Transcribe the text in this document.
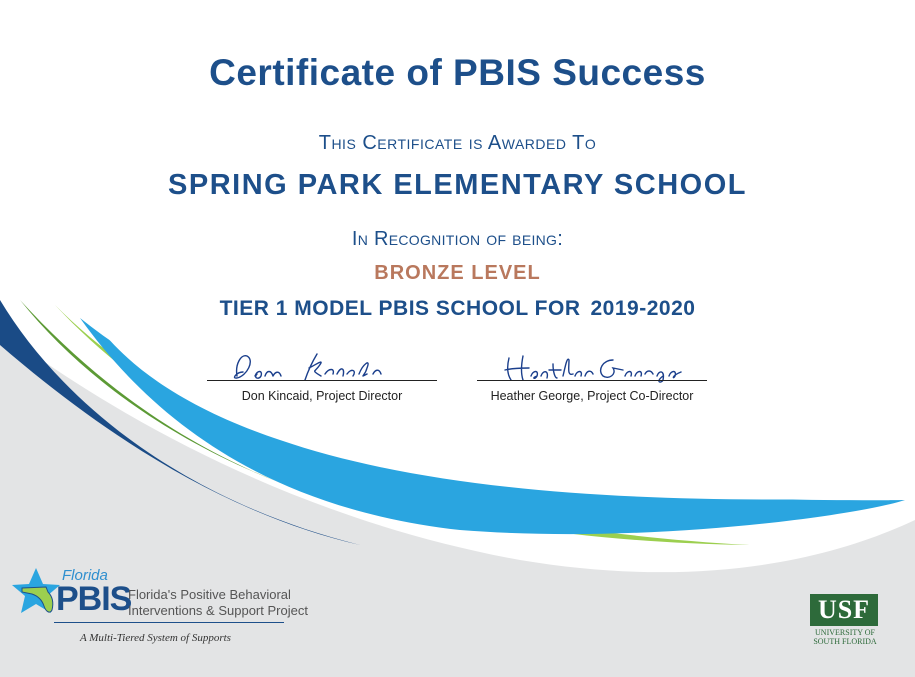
Certificate of PBIS Success
This Certificate is Awarded To
SPRING PARK ELEMENTARY SCHOOL
In Recognition of being:
BRONZE LEVEL
TIER 1 MODEL PBIS SCHOOL FOR 2019-2020
Don Kincaid, Project Director	Heather George, Project Co-Director
Florida
PBIS
Florida's Positive Behavioral
Interventions & Support Project
A Multi-Tiered System of Supports
USF
UNIVERSITY OF
SOUTH FLORIDA
